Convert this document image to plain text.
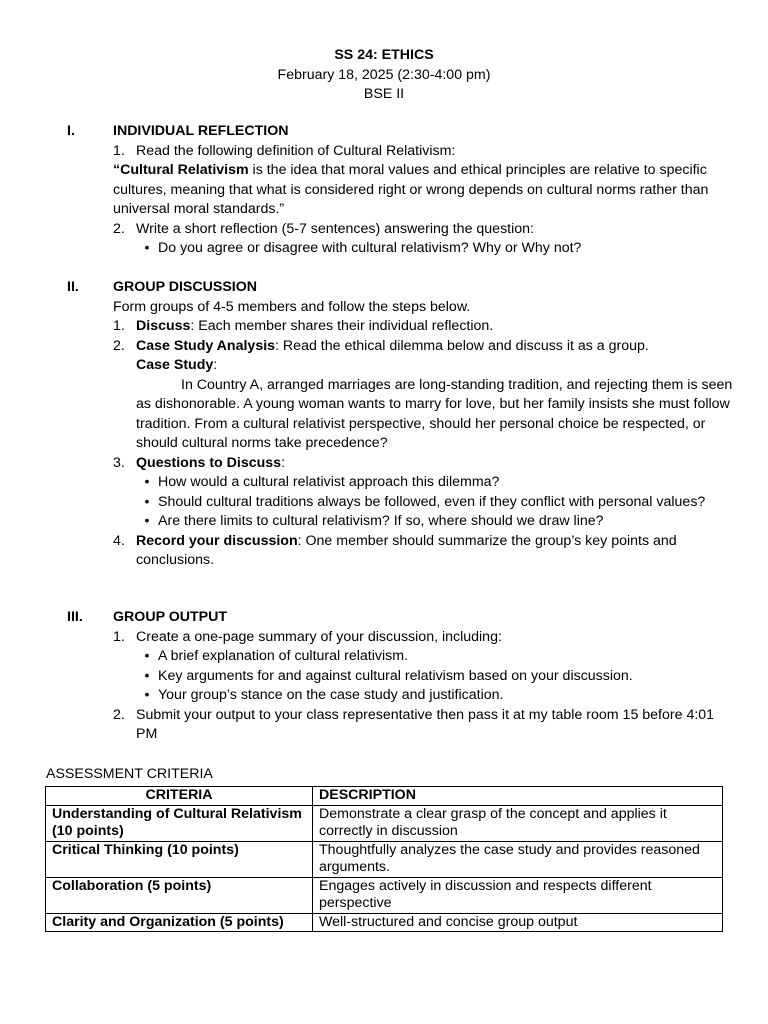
SS 24: ETHICS
February 18, 2025 (2:30-4:00 pm)
BSE II
I.	INDIVIDUAL REFLECTION
1. Read the following definition of Cultural Relativism:
“Cultural Relativism is the idea that moral values and ethical principles are relative to specific cultures, meaning that what is considered right or wrong depends on cultural norms rather than universal moral standards.”
2. Write a short reflection (5-7 sentences) answering the question:
• Do you agree or disagree with cultural relativism? Why or Why not?
II.	GROUP DISCUSSION
Form groups of 4-5 members and follow the steps below.
1. Discuss: Each member shares their individual reflection.
2. Case Study Analysis: Read the ethical dilemma below and discuss it as a group.
Case Study:
In Country A, arranged marriages are long-standing tradition, and rejecting them is seen as dishonorable. A young woman wants to marry for love, but her family insists she must follow tradition. From a cultural relativist perspective, should her personal choice be respected, or should cultural norms take precedence?
3. Questions to Discuss:
• How would a cultural relativist approach this dilemma?
• Should cultural traditions always be followed, even if they conflict with personal values?
• Are there limits to cultural relativism? If so, where should we draw line?
4. Record your discussion: One member should summarize the group’s key points and conclusions.
III.	GROUP OUTPUT
1. Create a one-page summary of your discussion, including:
• A brief explanation of cultural relativism.
• Key arguments for and against cultural relativism based on your discussion.
• Your group’s stance on the case study and justification.
2. Submit your output to your class representative then pass it at my table room 15 before 4:01 PM
ASSESSMENT CRITERIA
CRITERIA	DESCRIPTION
Understanding of Cultural Relativism (10 points)	Demonstrate a clear grasp of the concept and applies it correctly in discussion
Critical Thinking (10 points)	Thoughtfully analyzes the case study and provides reasoned arguments.
Collaboration (5 points)	Engages actively in discussion and respects different perspective
Clarity and Organization (5 points)	Well-structured and concise group output
